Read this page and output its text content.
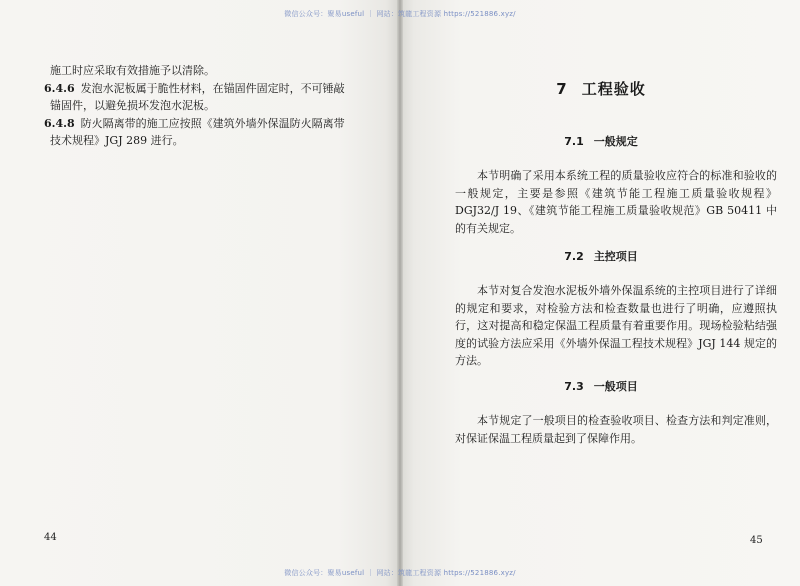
微信公众号：聚易useful ｜ 网站：筑龍工程资源 https://521886.xyz/
微信公众号：聚易useful ｜ 网站：筑龍工程资源 https://521886.xyz/

施工时应采取有效措施予以清除。

6.4.6 发泡水泥板属于脆性材料，在锚固件固定时，不可锤敲

锚固件，以避免损坏发泡水泥板。

6.4.8 防火隔离带的施工应按照《建筑外墙外保温防火隔离带

技术规程》JGJ 289 进行。

44
7 工程验收
7.1 一般规定

本节明确了采用本系统工程的质量验收应符合的标准和验收的一般规定，主要是参照《建筑节能工程施工质量验收规程》DGJ32/J 19、《建筑节能工程施工质量验收规范》GB 50411 中的有关规定。

7.2 主控项目

本节对复合发泡水泥板外墙外保温系统的主控项目进行了详细的规定和要求，对检验方法和检查数量也进行了明确，应遵照执行，这对提高和稳定保温工程质量有着重要作用。现场检验粘结强度的试验方法应采用《外墙外保温工程技术规程》JGJ 144 规定的方法。

7.3 一般项目

本节规定了一般项目的检查验收项目、检查方法和判定准则，对保证保温工程质量起到了保障作用。

45
